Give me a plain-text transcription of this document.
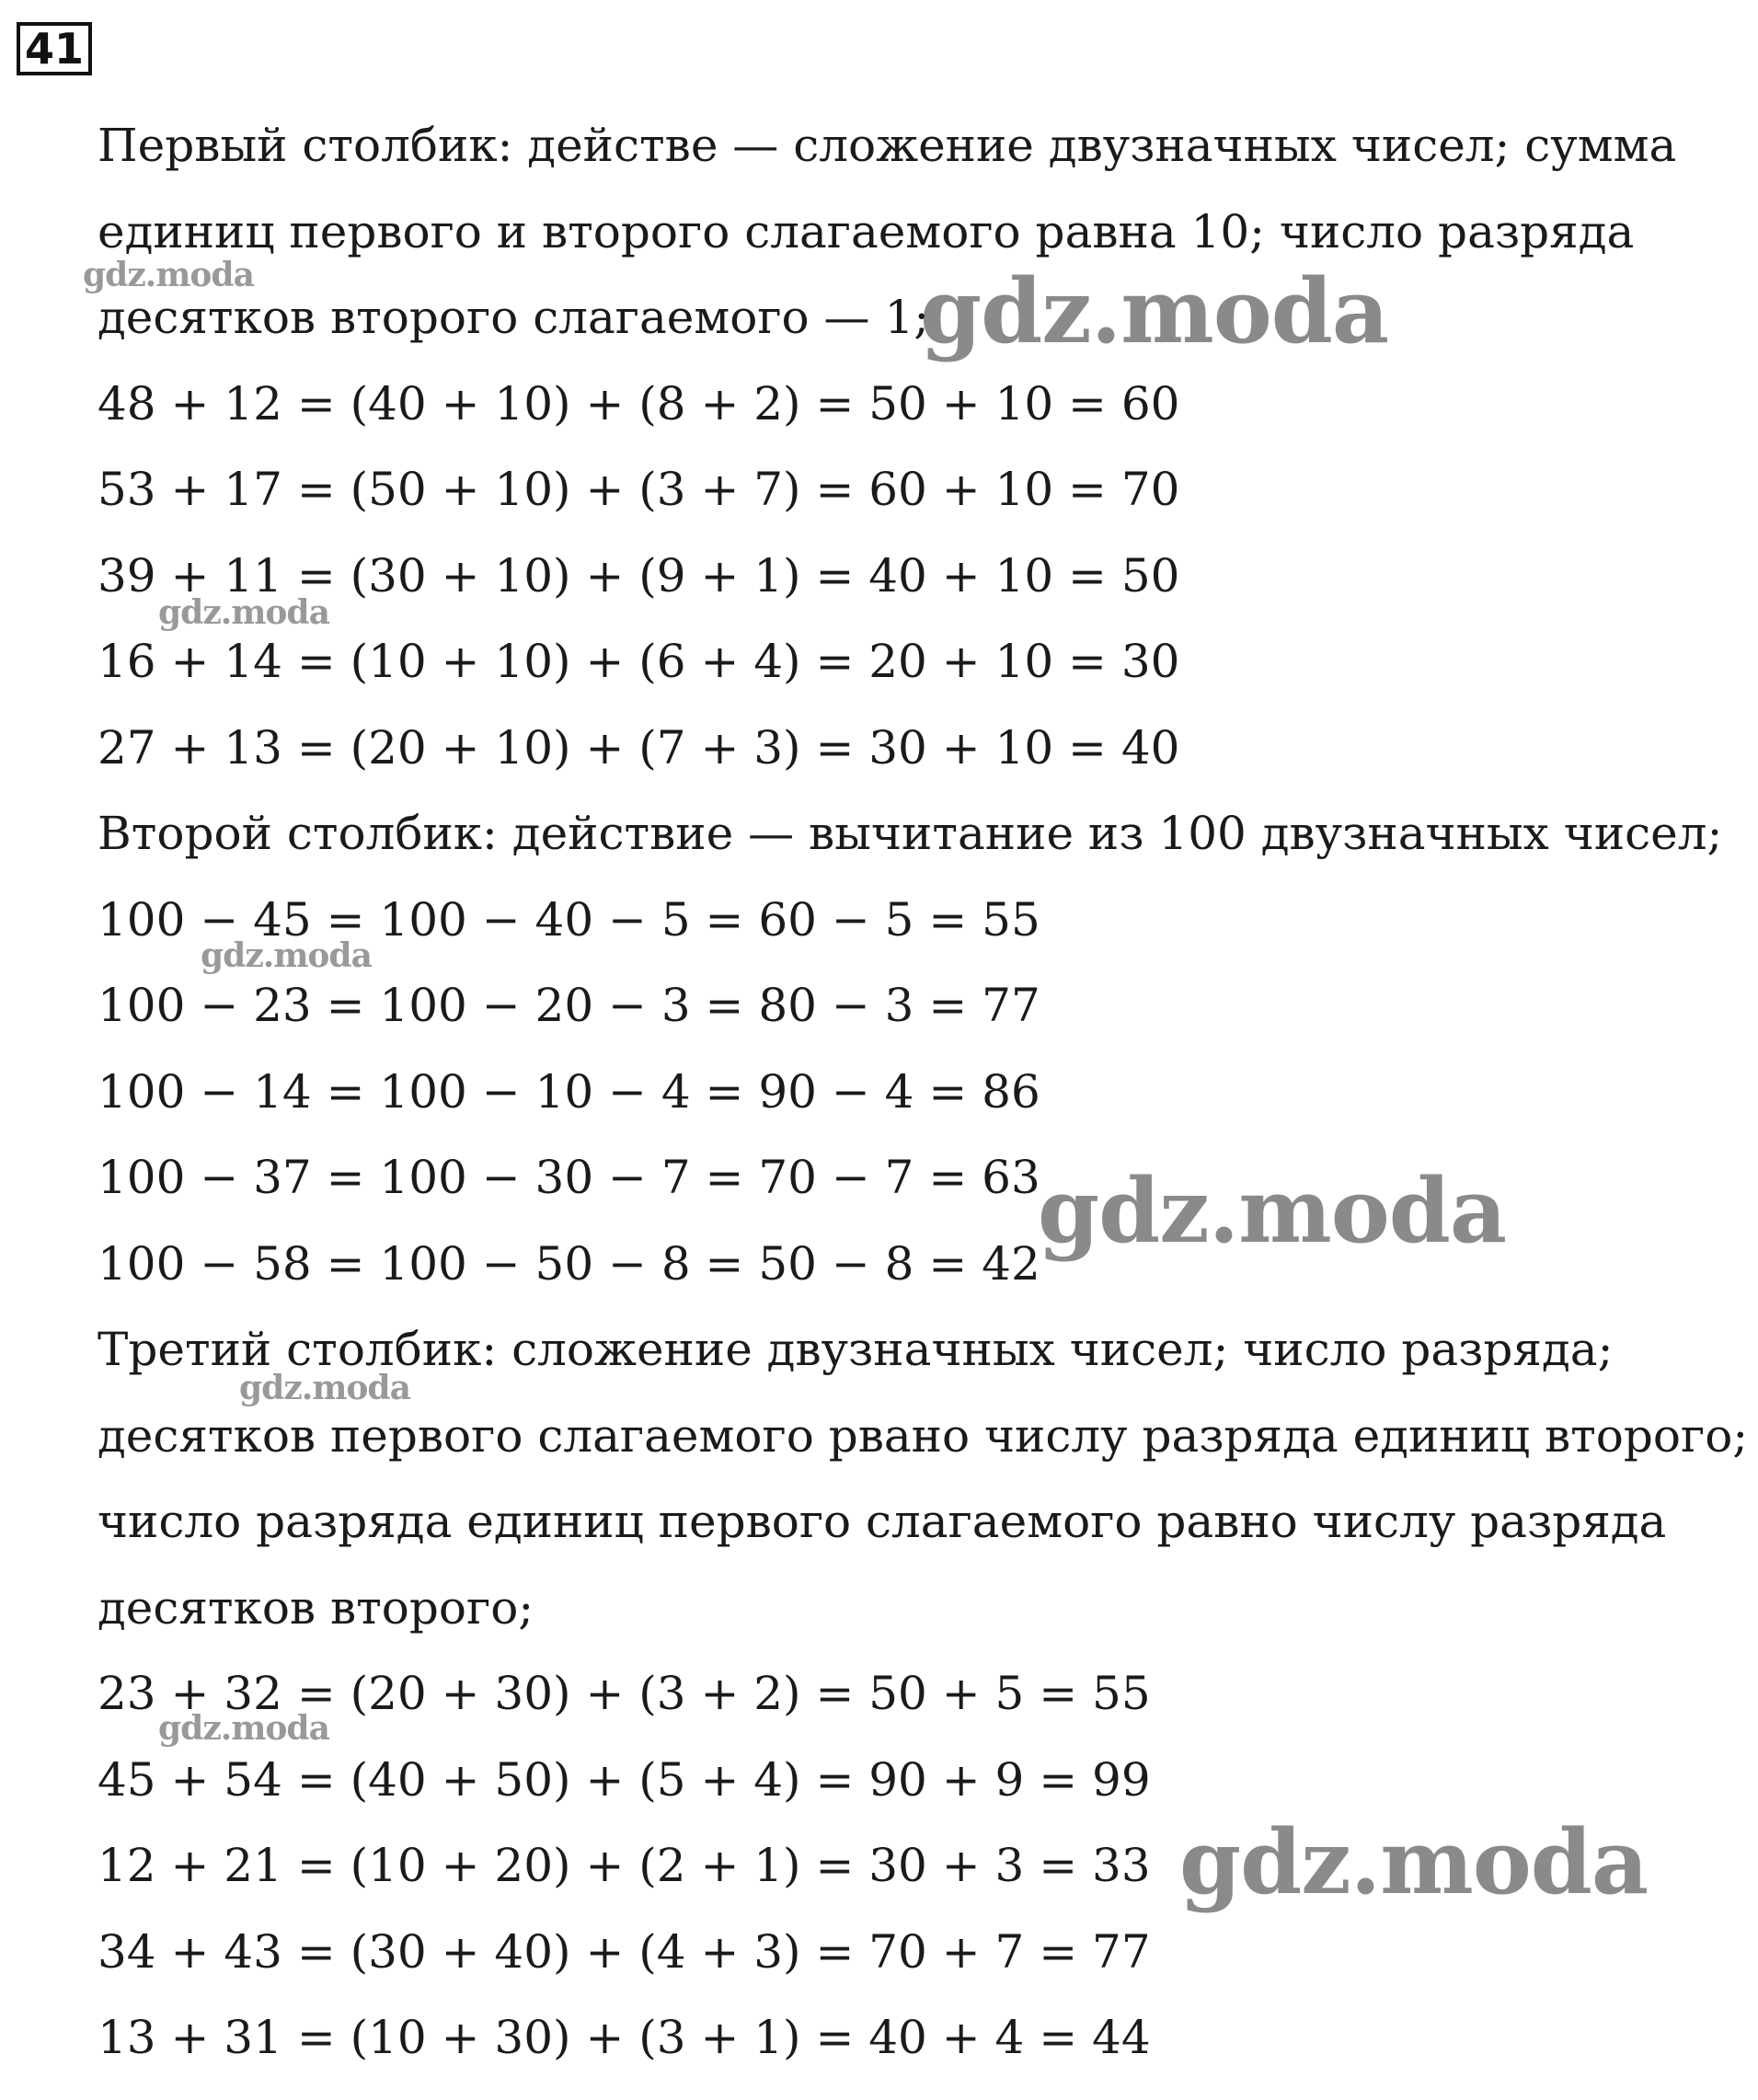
41
Первый столбик: действе — сложение двузначных чисел; сумма
единиц первого и второго слагаемого равна 10; число разряда
десятков второго слагаемого — 1;
48 + 12 = (40 + 10) + (8 + 2) = 50 + 10 = 60
53 + 17 = (50 + 10) + (3 + 7) = 60 + 10 = 70
39 + 11 = (30 + 10) + (9 + 1) = 40 + 10 = 50
16 + 14 = (10 + 10) + (6 + 4) = 20 + 10 = 30
27 + 13 = (20 + 10) + (7 + 3) = 30 + 10 = 40
Второй столбик: действие — вычитание из 100 двузначных чисел;
100 − 45 = 100 − 40 − 5 = 60 − 5 = 55
100 − 23 = 100 − 20 − 3 = 80 − 3 = 77
100 − 14 = 100 − 10 − 4 = 90 − 4 = 86
100 − 37 = 100 − 30 − 7 = 70 − 7 = 63
100 − 58 = 100 − 50 − 8 = 50 − 8 = 42
Третий столбик: сложение двузначных чисел; число разряда;
десятков первого слагаемого рвано числу разряда единиц второго;
число разряда единиц первого слагаемого равно числу разряда
десятков второго;
23 + 32 = (20 + 30) + (3 + 2) = 50 + 5 = 55
45 + 54 = (40 + 50) + (5 + 4) = 90 + 9 = 99
12 + 21 = (10 + 20) + (2 + 1) = 30 + 3 = 33
34 + 43 = (30 + 40) + (4 + 3) = 70 + 7 = 77
13 + 31 = (10 + 30) + (3 + 1) = 40 + 4 = 44
gdz.moda	gdz.moda
gdz.moda
gdz.moda
gdz.moda
gdz.moda
gdz.moda
gdz.moda
